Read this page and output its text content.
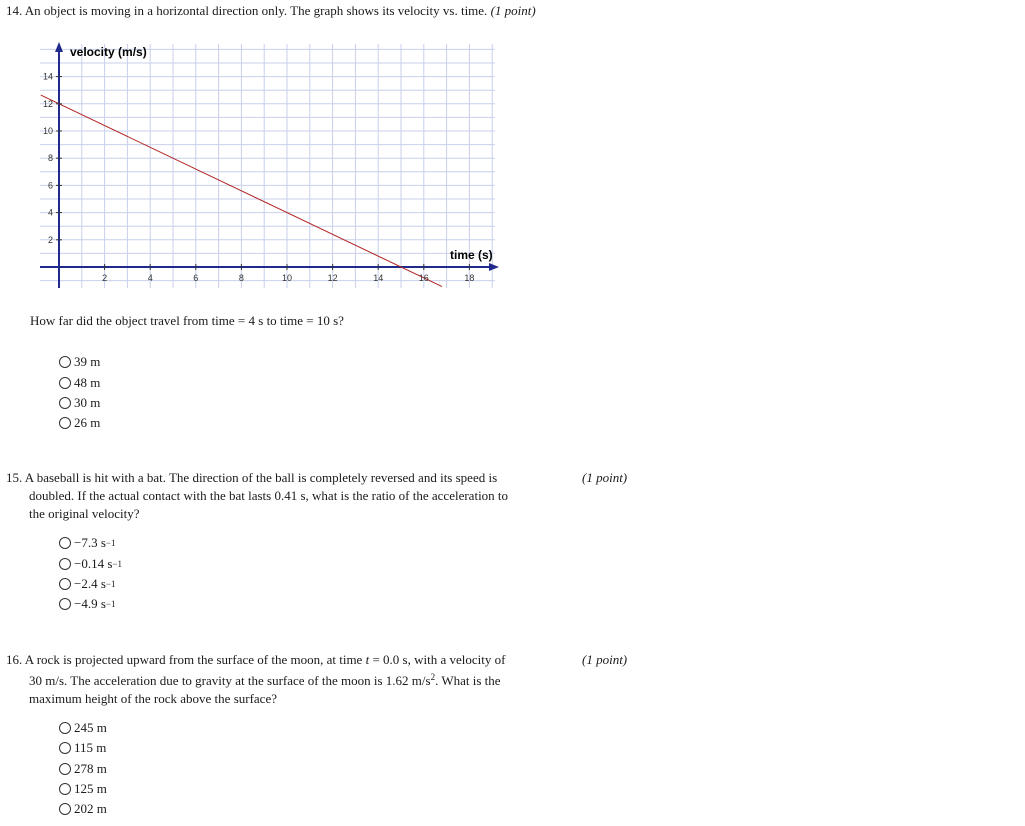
14. An object is moving in a horizontal direction only. The graph shows its velocity vs. time. (1 point)
2	4	6	8	10	12	14	16	18
2
4
6
8
10
12
14
velocity (m/s)
time (s)
How far did the object travel from time = 4 s to time = 10 s?
39 m
48 m
30 m
26 m
15. A baseball is hit with a bat. The direction of the ball is completely reversed and its speed is
doubled. If the actual contact with the bat lasts 0.41 s, what is the ratio of the acceleration to
the original velocity?
(1 point)
−7.3 s −1
−0.14 s −1
−2.4 s −1
−4.9 s −1
16. A rock is projected upward from the surface of the moon, at time t = 0.0 s, with a velocity of
30 m/s. The acceleration due to gravity at the surface of the moon is 1.62 $m/s^2$. What is the
maximum height of the rock above the surface?
(1 point)
245 m
115 m
278 m
125 m
202 m
